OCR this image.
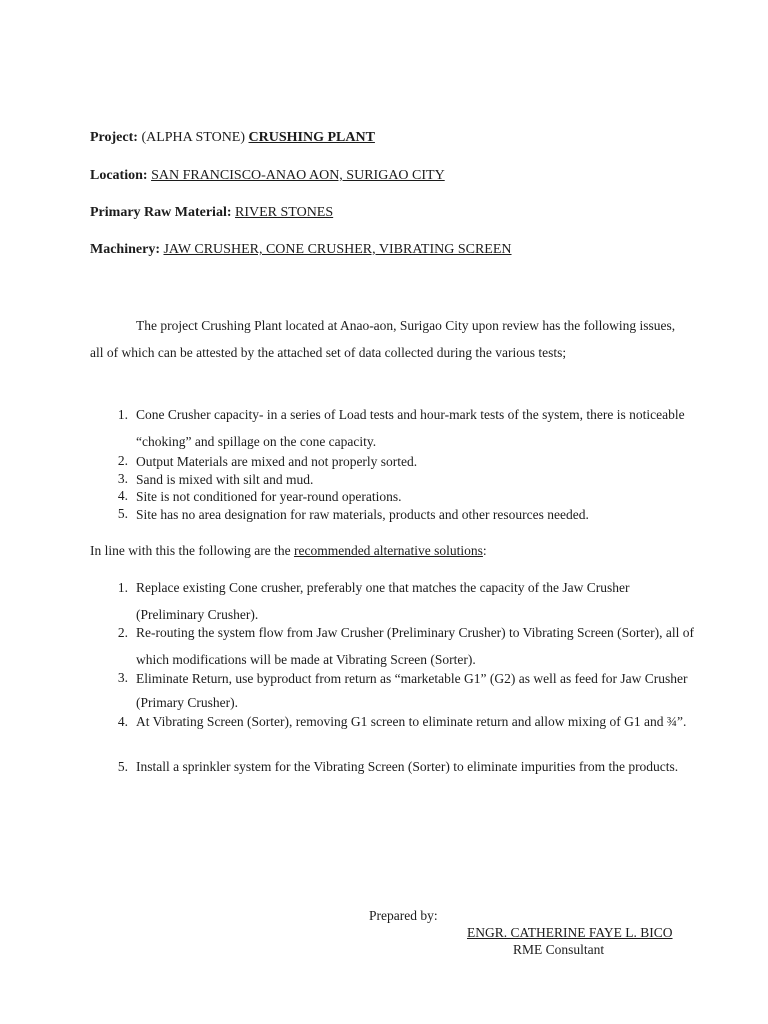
Project: (ALPHA STONE) CRUSHING PLANT
Location: SAN FRANCISCO-ANAO AON, SURIGAO CITY
Primary Raw Material: RIVER STONES
Machinery: JAW CRUSHER, CONE CRUSHER, VIBRATING SCREEN
The project Crushing Plant located at Anao-aon, Surigao City upon review has the following issues, all of which can be attested by the attached set of data collected during the various tests;
1. Cone Crusher capacity- in a series of Load tests and hour-mark tests of the system, there is noticeable “choking” and spillage on the cone capacity.
2. Output Materials are mixed and not properly sorted.
3. Sand is mixed with silt and mud.
4. Site is not conditioned for year-round operations.
5. Site has no area designation for raw materials, products and other resources needed.
In line with this the following are the recommended alternative solutions:
1. Replace existing Cone crusher, preferably one that matches the capacity of the Jaw Crusher (Preliminary Crusher).
2. Re-routing the system flow from Jaw Crusher (Preliminary Crusher) to Vibrating Screen (Sorter), all of which modifications will be made at Vibrating Screen (Sorter).
3. Eliminate Return, use byproduct from return as “marketable G1” (G2) as well as feed for Jaw Crusher (Primary Crusher).
4. At Vibrating Screen (Sorter), removing G1 screen to eliminate return and allow mixing of G1 and ¾”.
5. Install a sprinkler system for the Vibrating Screen (Sorter) to eliminate impurities from the products.
Prepared by:
ENGR. CATHERINE FAYE L. BICO
RME Consultant
